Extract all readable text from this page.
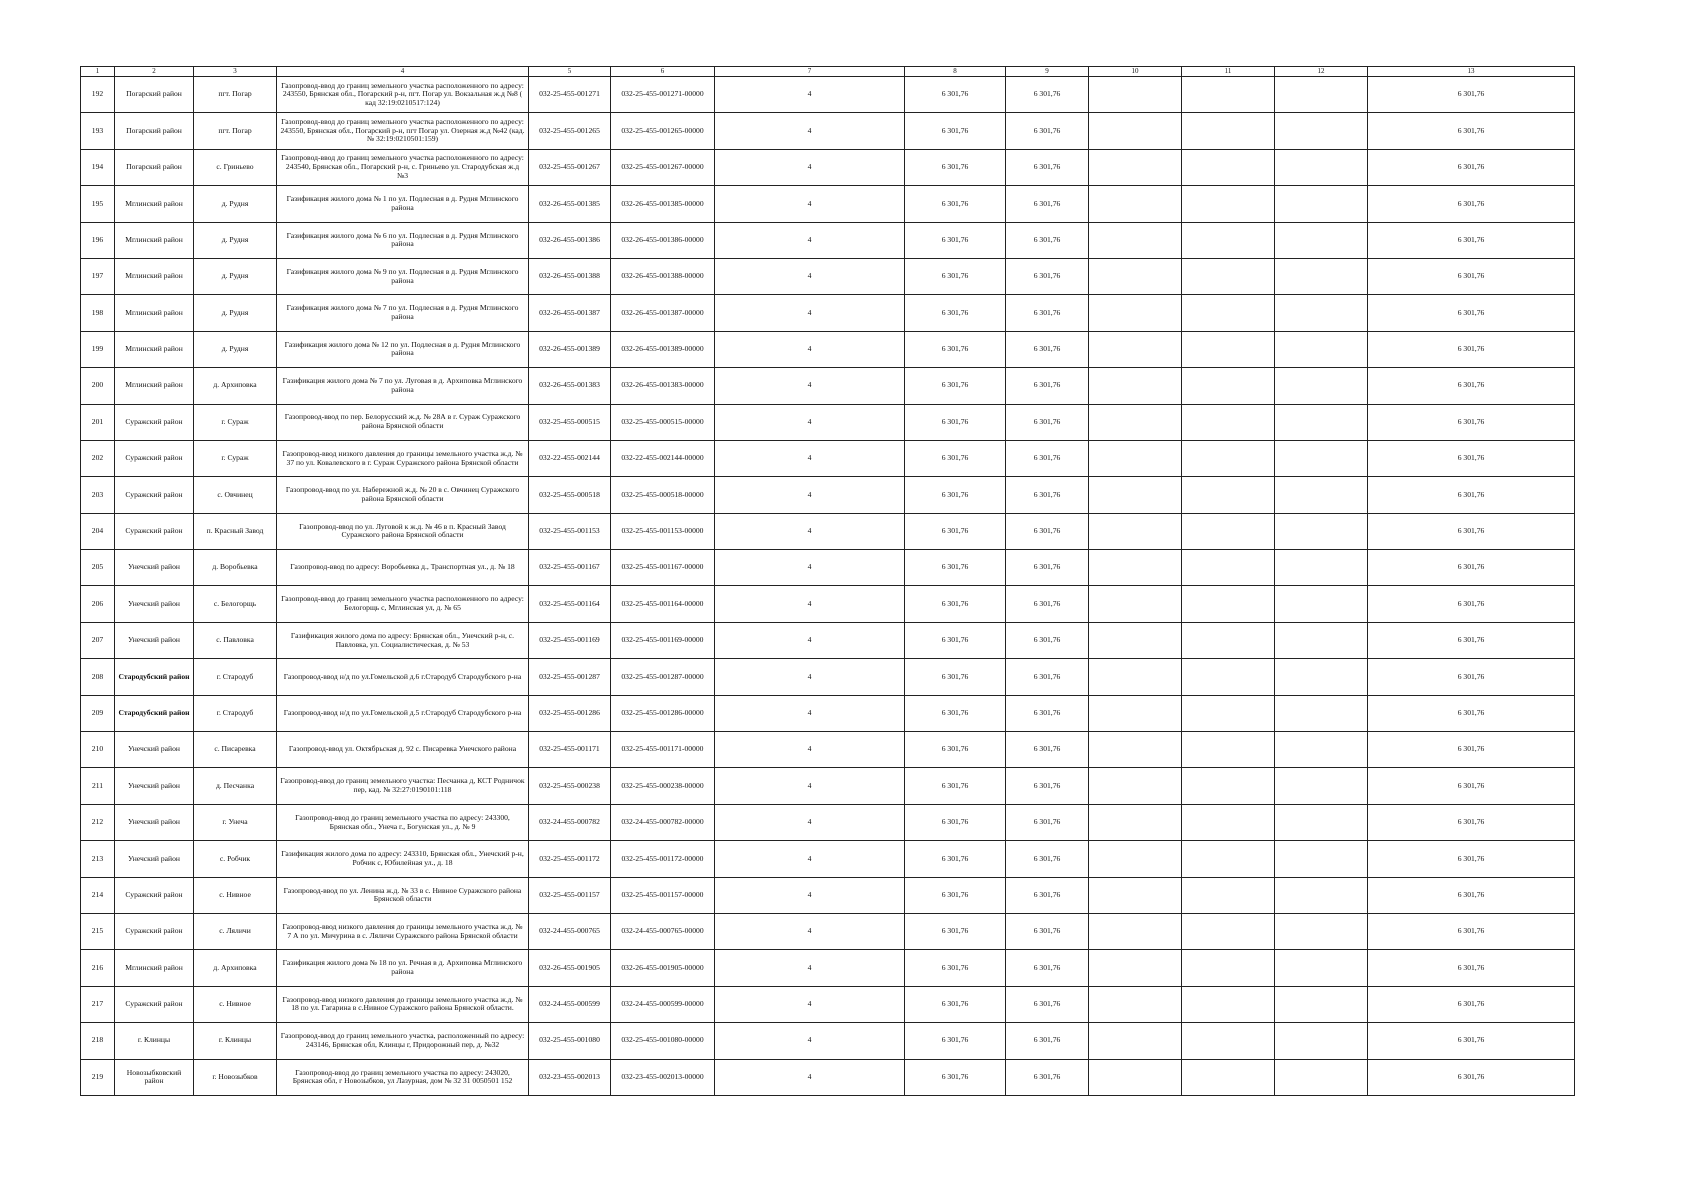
1	2	3	4	5	6	7	8	9	10	11	12	13
192	Погарский район	пгт. Погар	Газопровод-ввод до границ земельного участка расположенного по адресу: 243550, Брянская обл., Погарский р-н, пгт. Погар ул. Вокзальная ж.д №8 ( кад 32:19:0210517:124)	032-25-455-001271	032-25-455-001271-00000	4	6 301,76	6 301,76				6 301,76
193	Погарский район	пгт. Погар	Газопровод-ввод до границ земельного участка расположенного по адресу: 243550, Брянская обл., Погарский р-н, пгт Погар ул. Озерная ж.д №42 (кад. № 32:19:0210501:159)	032-25-455-001265	032-25-455-001265-00000	4	6 301,76	6 301,76				6 301,76
194	Погарский район	с. Гриньево	Газопровод-ввод до границ земельного участка расположенного по адресу: 243540, Брянская обл., Погарский р-н, с. Гриньево ул. Стародубская ж.д №3	032-25-455-001267	032-25-455-001267-00000	4	6 301,76	6 301,76				6 301,76
195	Мглинский район	д. Рудня	Газификация жилого дома № 1 по ул. Подлесная в д. Рудня Мглинского района	032-26-455-001385	032-26-455-001385-00000	4	6 301,76	6 301,76				6 301,76
196	Мглинский район	д. Рудня	Газификация жилого дома № 6 по ул. Подлесная в д. Рудня Мглинского района	032-26-455-001386	032-26-455-001386-00000	4	6 301,76	6 301,76				6 301,76
197	Мглинский район	д. Рудня	Газификация жилого дома № 9 по ул. Подлесная в д. Рудня Мглинского района	032-26-455-001388	032-26-455-001388-00000	4	6 301,76	6 301,76				6 301,76
198	Мглинский район	д. Рудня	Газификация жилого дома № 7 по ул. Подлесная в д. Рудня Мглинского района	032-26-455-001387	032-26-455-001387-00000	4	6 301,76	6 301,76				6 301,76
199	Мглинский район	д. Рудня	Газификация жилого дома № 12 по ул. Подлесная в д. Рудня Мглинского района	032-26-455-001389	032-26-455-001389-00000	4	6 301,76	6 301,76				6 301,76
200	Мглинский район	д. Архиповка	Газификация жилого дома № 7 по ул. Луговая в д. Архиповка Мглинского района	032-26-455-001383	032-26-455-001383-00000	4	6 301,76	6 301,76				6 301,76
201	Суражский район	г. Сураж	Газопровод-ввод по пер. Белорусский ж.д. № 28А в г. Сураж Суражского района Брянской области	032-25-455-000515	032-25-455-000515-00000	4	6 301,76	6 301,76				6 301,76
202	Суражский район	г. Сураж	Газопровод-ввод низкого давления до границы земельного участка ж.д. № 37 по ул. Ковалевского в г. Сураж Суражского района Брянской области	032-22-455-002144	032-22-455-002144-00000	4	6 301,76	6 301,76				6 301,76
203	Суражский район	с. Овчинец	Газопровод-ввод по ул. Набережной ж.д. № 20 в с. Овчинец Суражского района Брянской области	032-25-455-000518	032-25-455-000518-00000	4	6 301,76	6 301,76				6 301,76
204	Суражский район	п. Красный Завод	Газопровод-ввод по ул. Луговой к ж.д. № 46 в п. Красный Завод Суражского района Брянской области	032-25-455-001153	032-25-455-001153-00000	4	6 301,76	6 301,76				6 301,76
205	Унечский район	д. Воробьевка	Газопровод-ввод по адресу: Воробьевка д., Транспортная ул., д. № 18	032-25-455-001167	032-25-455-001167-00000	4	6 301,76	6 301,76				6 301,76
206	Унечский район	с. Белогорщь	Газопровод-ввод до границ земельного участка расположенного по адресу: Белогорщь с, Мглинская ул, д. № 65	032-25-455-001164	032-25-455-001164-00000	4	6 301,76	6 301,76				6 301,76
207	Унечский район	с. Павловка	Газификация жилого дома по адресу: Брянская обл., Унечский р-н, с. Павловка, ул. Социалистическая, д. № 53	032-25-455-001169	032-25-455-001169-00000	4	6 301,76	6 301,76				6 301,76
208	Стародубский район	г. Стародуб	Газопровод-ввод н/д по ул.Гомельской д.6 г.Стародуб Стародубского р-на	032-25-455-001287	032-25-455-001287-00000	4	6 301,76	6 301,76				6 301,76
209	Стародубский район	г. Стародуб	Газопровод-ввод н/д по ул.Гомельской д.5 г.Стародуб Стародубского р-на	032-25-455-001286	032-25-455-001286-00000	4	6 301,76	6 301,76				6 301,76
210	Унечский район	с. Писаревка	Газопровод-ввод ул. Октябрьская д. 92 с. Писаревка Унечского района	032-25-455-001171	032-25-455-001171-00000	4	6 301,76	6 301,76				6 301,76
211	Унечский район	д. Песчанка	Газопровод-ввод до границ земельного участка: Песчанка д, КСТ Родничок пер, кад. № 32:27:0190101:118	032-25-455-000238	032-25-455-000238-00000	4	6 301,76	6 301,76				6 301,76
212	Унечский район	г. Унеча	Газопровод-ввод до границ земельного участка по адресу: 243300, Брянская обл., Унеча г., Богунская ул., д. № 9	032-24-455-000782	032-24-455-000782-00000	4	6 301,76	6 301,76				6 301,76
213	Унечский район	с. Робчик	Газификация жилого дома по адресу: 243310, Брянская обл., Унечский р-н, Робчик с, Юбилейная ул., д. 18	032-25-455-001172	032-25-455-001172-00000	4	6 301,76	6 301,76				6 301,76
214	Суражский район	с. Нивное	Газопровод-ввод по ул. Ленина ж.д. № 33 в с. Нивное Суражского района Брянской области	032-25-455-001157	032-25-455-001157-00000	4	6 301,76	6 301,76				6 301,76
215	Суражский район	с. Ляличи	Газопровод-ввод низкого давления до границы земельного участка ж.д. № 7 А по ул. Мичурина в с. Ляличи Суражского района Брянской области	032-24-455-000765	032-24-455-000765-00000	4	6 301,76	6 301,76				6 301,76
216	Мглинский район	д. Архиповка	Газификация жилого дома № 18 по ул. Речная в д. Архиповка Мглинского района	032-26-455-001905	032-26-455-001905-00000	4	6 301,76	6 301,76				6 301,76
217	Суражский район	с. Нивное	Газопровод-ввод низкого давления до границы земельного участка ж.д. № 18 по ул. Гагарина в с.Нивное Суражского района Брянской области.	032-24-455-000599	032-24-455-000599-00000	4	6 301,76	6 301,76				6 301,76
218	г. Клинцы	г. Клинцы	Газопровод-ввод до границ земельного участка, расположенный по адресу: 243146, Брянская обл, Клинцы г, Придорожный пер, д. №32	032-25-455-001080	032-25-455-001080-00000	4	6 301,76	6 301,76				6 301,76
219	Новозыбковский район	г. Новозыбков	Газопровод-ввод до границ земельного участка по адресу: 243020, Брянская обл, г Новозыбков, ул Лазурная, дом № 32 31 0050501 152	032-23-455-002013	032-23-455-002013-00000	4	6 301,76	6 301,76				6 301,76
